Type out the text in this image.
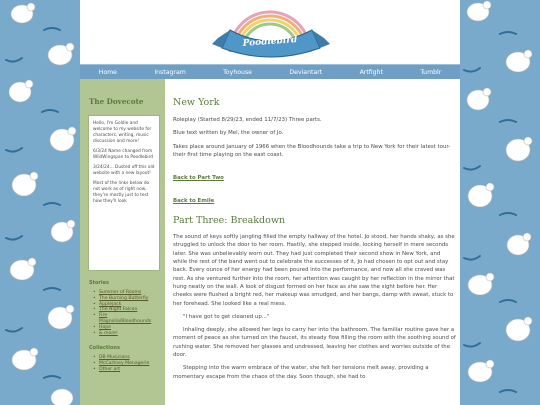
Poodlebird
Home	Instagram	Toyhouse	Deviantart	Artfight	Tumblr
The Dovecote

Hello, I'm Goldie and welcome to my website for characters, writing, music discussion and more!

6/3/24 Name changed from WildWingspan to Poodlebird

3/24/24... Dusted off this old website with a new layout!

Most of the links below do not work as of right now, they're mostly just to test how they'll look

Stories
• Summer of Rooms
• The Burning Butterfly
• Applejack
• The Night Falcon
• Fire Magnolia/Bloodhounds
• Hope
• & more!
Collections
• DB Musicians
• McCartney Menagerie
• Other art
New York
Roleplay (Started 8/29/23, ended 11/7/23) Three parts.
Blue text written by Mel, the owner of Jo.
Takes place around January of 1966 when the Bloodhounds take a trip to New York for their latest tour- their first time playing on the east coast.
Back to Part Two
Back to Emile
Part Three: Breakdown
The sound of keys softly jangling filled the empty hallway of the hotel. Jo stood, her hands shaky, as she struggled to unlock the door to her room. Hastily, she stepped inside, locking herself in mere seconds later. She was unbelievably worn out. They had just completed their second show in New York, and while the rest of the band went out to celebrate the successes of it, Jo had chosen to opt out and stay back. Every ounce of her energy had been poured into the performance, and now all she craved was rest. As she ventured further into the room, her attention was caught by her reflection in the mirror that hung neatly on the wall. A look of disgust formed on her face as she saw the sight before her. Her cheeks were flushed a bright red, her makeup was smudged, and her bangs, damp with sweat, stuck to her forehead. She looked like a real mess.
"I have got to get cleaned up..."
Inhaling deeply, she allowed her legs to carry her into the bathroom. The familiar routine gave her a moment of peace as she turned on the faucet, its steady flow filling the room with the soothing sound of rushing water. She removed her glasses and undressed, leaving her clothes and worries outside of the door.
Stepping into the warm embrace of the water, she felt her tensions melt away, providing a momentary escape from the chaos of the day. Soon though, she had to
